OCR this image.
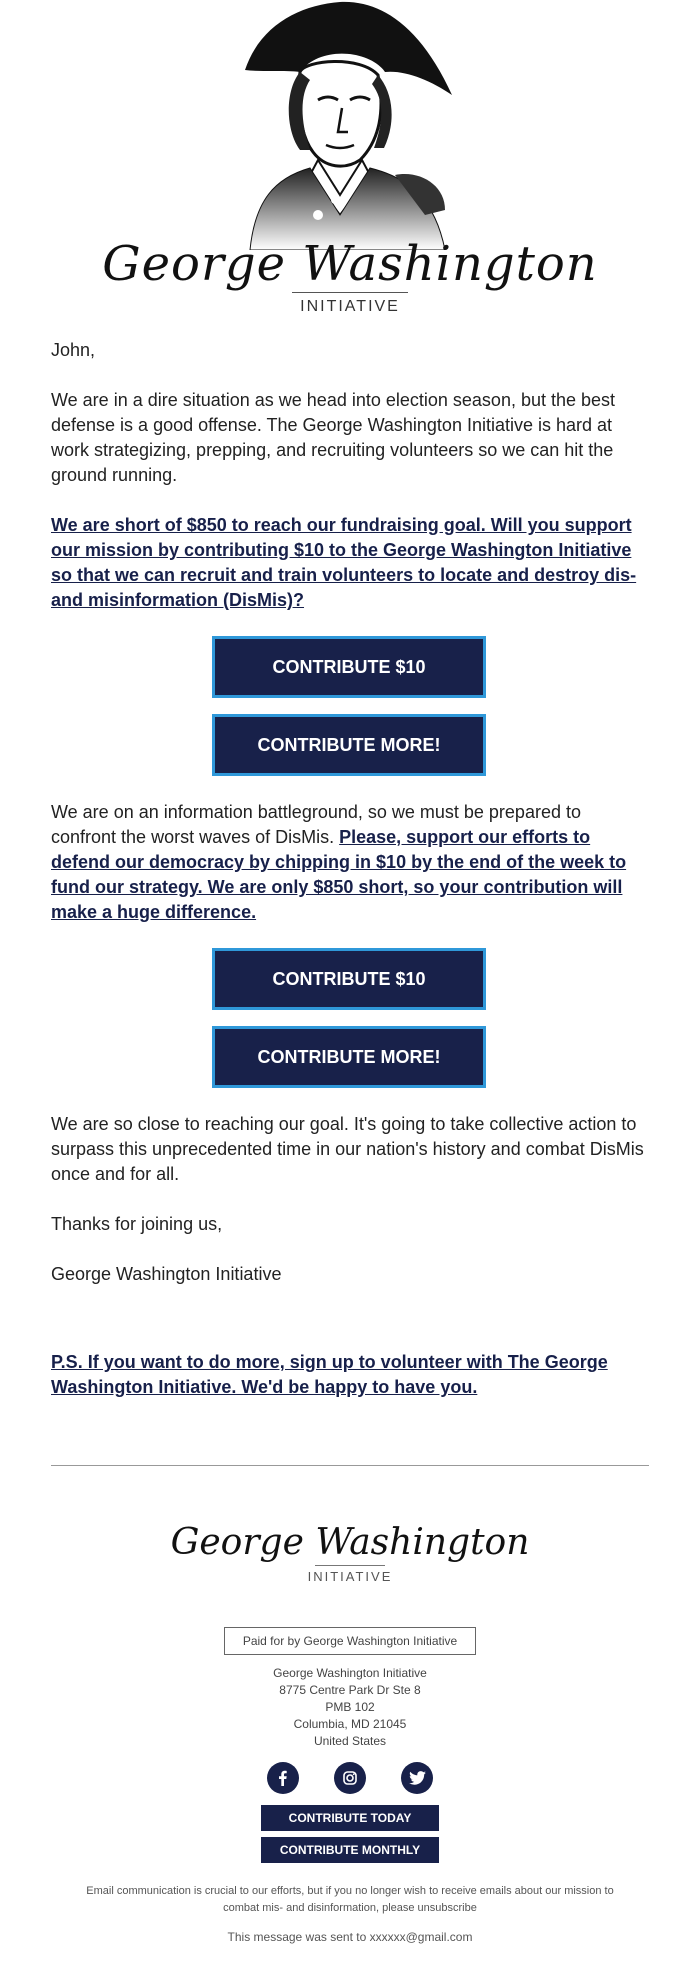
George Washington
INITIATIVE

John,

We are in a dire situation as we head into election season, but the best defense is a good offense. The George Washington Initiative is hard at work strategizing, prepping, and recruiting volunteers so we can hit the ground running.

We are short of $850 to reach our fundraising goal. Will you support our mission by contributing $10 to the George Washington Initiative so that we can recruit and train volunteers to locate and destroy dis- and misinformation (DisMis)?

We are on an information battleground, so we must be prepared to confront the worst waves of DisMis. Please, support our efforts to defend our democracy by chipping in $10 by the end of the week to fund our strategy. We are only $850 short, so your contribution will make a huge difference.

We are so close to reaching our goal. It's going to take collective action to surpass this unprecedented time in our nation's history and combat DisMis once and for all.

Thanks for joining us,

George Washington Initiative

P.S. If you want to do more, sign up to volunteer with The George Washington Initiative. We'd be happy to have you.

CONTRIBUTE $10
CONTRIBUTE MORE!
CONTRIBUTE $10
CONTRIBUTE MORE!
George Washington
INITIATIVE
Paid for by George Washington Initiative
George Washington Initiative
8775 Centre Park Dr Ste 8
PMB 102
Columbia, MD 21045
United States
CONTRIBUTE TODAY
CONTRIBUTE MONTHLY
Email communication is crucial to our efforts, but if you no longer wish to receive emails about our mission to combat mis- and disinformation, please unsubscribe
This message was sent to xxxxxx@gmail.com
